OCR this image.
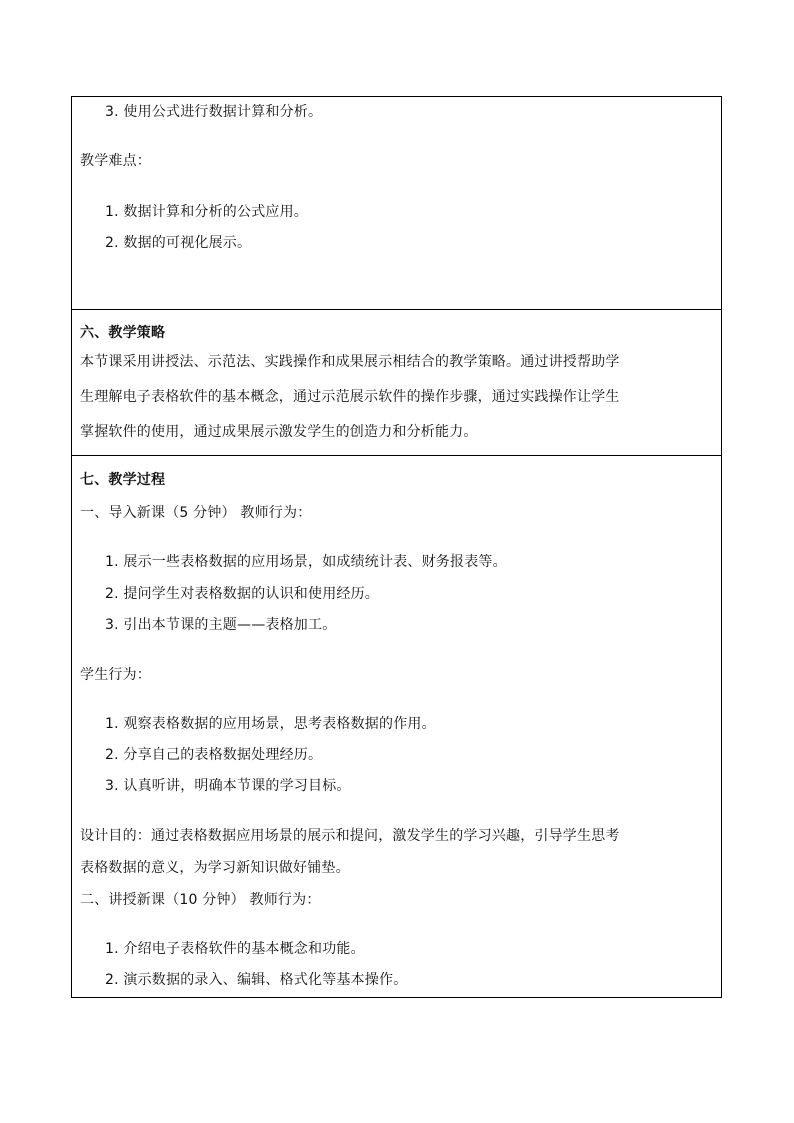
3. 使用公式进行数据计算和分析。
教学难点：
1. 数据计算和分析的公式应用。
2. 数据的可视化展示。
六、教学策略
本节课采用讲授法、示范法、实践操作和成果展示相结合的教学策略。通过讲授帮助学
生理解电子表格软件的基本概念，通过示范展示软件的操作步骤，通过实践操作让学生
掌握软件的使用，通过成果展示激发学生的创造力和分析能力。
七、教学过程
一、导入新课（5 分钟） 教师行为：
1. 展示一些表格数据的应用场景，如成绩统计表、财务报表等。
2. 提问学生对表格数据的认识和使用经历。
3. 引出本节课的主题——表格加工。
学生行为：
1. 观察表格数据的应用场景，思考表格数据的作用。
2. 分享自己的表格数据处理经历。
3. 认真听讲，明确本节课的学习目标。
设计目的：通过表格数据应用场景的展示和提问，激发学生的学习兴趣，引导学生思考
表格数据的意义，为学习新知识做好铺垫。
二、讲授新课（10 分钟） 教师行为：
1. 介绍电子表格软件的基本概念和功能。
2. 演示数据的录入、编辑、格式化等基本操作。
